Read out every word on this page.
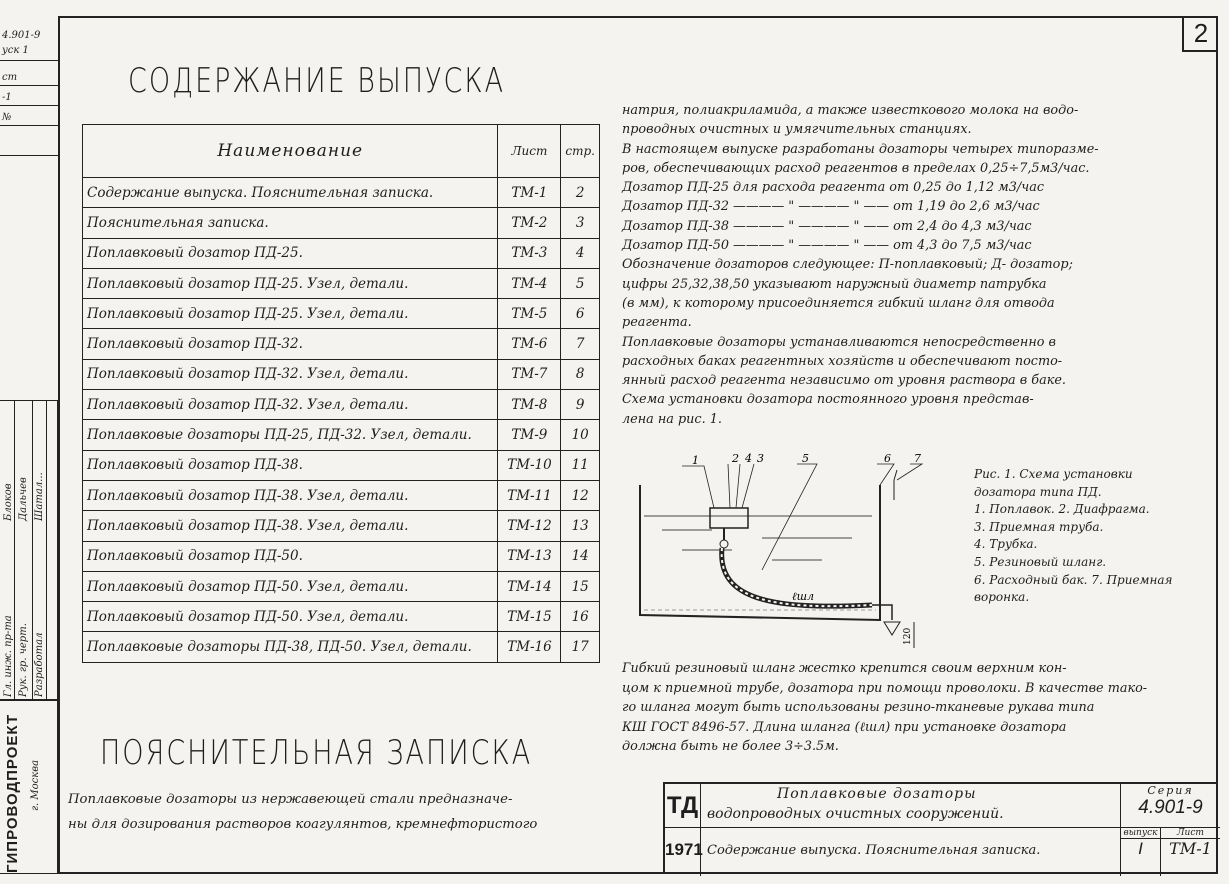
2
4.901-9
уск 1
ст
-1
№
Гл. инж. пр-та
Блоков
Рук. гр. черт.
Дальчев
Разработал
Шатал...
ГИПРОВОДПРОЕКТ г. Москва
СОДЕРЖАНИЕ ВЫПУСКА
Наименование	Лист	стр.
Содержание выпуска. Пояснительная записка.	ТМ-1	2
Пояснительная записка.	ТМ-2	3
Поплавковый дозатор ПД-25.	ТМ-3	4
Поплавковый дозатор ПД-25. Узел, детали.	ТМ-4	5
Поплавковый дозатор ПД-25. Узел, детали.	ТМ-5	6
Поплавковый дозатор ПД-32.	ТМ-6	7
Поплавковый дозатор ПД-32. Узел, детали.	ТМ-7	8
Поплавковый дозатор ПД-32. Узел, детали.	ТМ-8	9
Поплавковые дозаторы ПД-25, ПД-32. Узел, детали.	ТМ-9	10
Поплавковый дозатор ПД-38.	ТМ-10	11
Поплавковый дозатор ПД-38. Узел, детали.	ТМ-11	12
Поплавковый дозатор ПД-38. Узел, детали.	ТМ-12	13
Поплавковый дозатор ПД-50.	ТМ-13	14
Поплавковый дозатор ПД-50. Узел, детали.	ТМ-14	15
Поплавковый дозатор ПД-50. Узел, детали.	ТМ-15	16
Поплавковые дозаторы ПД-38, ПД-50. Узел, детали.	ТМ-16	17
ПОЯСНИТЕЛЬНАЯ ЗАПИСКА
Поплавковые дозаторы из нержавеющей стали предназначе-
ны для дозирования растворов коагулянтов, кремнефтористого
натрия, полиакриламида, а также известкового молока на водо-
проводных очистных и умягчительных станциях.
В настоящем выпуске разработаны дозаторы четырех типоразме-
ров, обеспечивающих расход реагентов в пределах 0,25÷7,5м3/час.
Дозатор ПД-25 для расхода реагента от 0,25 до 1,12 м3/час
Дозатор ПД-32 ———— " ———— " —— от 1,19 до 2,6 м3/час
Дозатор ПД-38 ———— " ———— " —— от 2,4 до 4,3 м3/час
Дозатор ПД-50 ———— " ———— " —— от 4,3 до 7,5 м3/час
Обозначение дозаторов следующее: П-поплавковый; Д- дозатор;
цифры 25,32,38,50 указывают наружный диаметр патрубка
(в мм), к которому присоединяется гибкий шланг для отвода
реагента.
Поплавковые дозаторы устанавливаются непосредственно в
расходных баках реагентных хозяйств и обеспечивают посто-
янный расход реагента независимо от уровня раствора в баке.
Схема установки дозатора постоянного уровня представ-
лена на рис. 1.
ℓшл
120
1	2 4 3	5	6 7
Рис. 1. Схема установки
дозатора типа ПД.
1. Поплавок. 2. Диафрагма.
3. Приемная труба.
4. Трубка.
5. Резиновый шланг.
6. Расходный бак. 7. Приемная
воронка.
Гибкий резиновый шланг жестко крепится своим верхним кон-
цом к приемной трубе, дозатора при помощи проволоки. В качестве тако-
го шланга могут быть использованы резино-тканевые рукава типа
КШ ГОСТ 8496-57. Длина шланга (ℓшл) при установке дозатора
должна быть не более 3÷3.5м.
ТД
1971
Поплавковые дозаторы
водопроводных очистных сооружений.
Содержание выпуска. Пояснительная записка.
Серия
4.901-9
выпуск
I
Лист
ТМ-1
